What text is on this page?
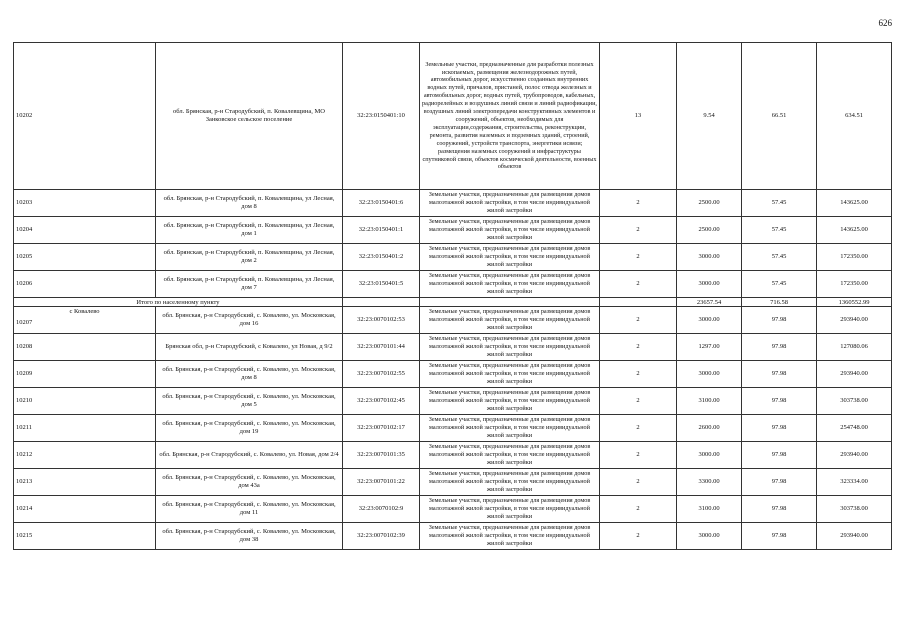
626
10202	обл. Брянская, р-н Стародубский, п. Ковалевщина, МО Занковское сельское поселение	32:23:0150401:10	Земельные участки, предназначенные для разработки полезных ископаемых, размещения железнодорожных путей, автомобильных дорог, искусственно созданных внутренних водных путей, причалов, пристаней, полос отвода железных и автомобильных дорог, водных путей, трубопроводов, кабельных, радиорелейных и воздушных линий связи и линий радиофикации, воздушных линий электропередачи конструктивных элементов и сооружений, объектов, необходимых для эксплуатации,содержания, строительства, реконструкции, ремонта, развития наземных и подземных зданий, строений, сооружений, устройств транспорта, энергетики исвязи; размещения наземных сооружений и инфраструктуры спутниковой связи, объектов космической деятельности, военных объектов	13	9.54	66.51	634.51
10203	обл. Брянская, р-н Стародубский, п. Ковалевщина, ул Лесная, дом 8	32:23:0150401:6	Земельные участки, предназначенные для размещения домов малоэтажной жилой застройки, в том числе индивидуальной жилой застройки	2	2500.00	57.45	143625.00
10204	обл. Брянская, р-н Стародубский, п. Ковалевщина, ул Лесная, дом 1	32:23:0150401:1	Земельные участки, предназначенные для размещения домов малоэтажной жилой застройки, в том числе индивидуальной жилой застройки	2	2500.00	57.45	143625.00
10205	обл. Брянская, р-н Стародубский, п. Ковалевщина, ул Лесная, дом 2	32:23:0150401:2	Земельные участки, предназначенные для размещения домов малоэтажной жилой застройки, в том числе индивидуальной жилой застройки	2	3000.00	57.45	172350.00
10206	обл. Брянская, р-н Стародубский, п. Ковалевщина, ул Лесная, дом 7	32:23:0150401:5	Земельные участки, предназначенные для размещения домов малоэтажной жилой застройки, в том числе индивидуальной жилой застройки	2	3000.00	57.45	172350.00
Итого по населенному пункту					23657.54	716.58	1360552.99

с Ковалево
10207	обл. Брянская, р-н Стародубский, с. Ковалево, ул. Московская, дом 16	32:23:0070102:53	Земельные участки, предназначенные для размещения домов малоэтажной жилой застройки, в том числе индивидуальной жилой застройки	2	3000.00	97.98	293940.00
10208	Брянская обл, р-н Стародубский, с Ковалево, ул Новая, д 9/2	32:23:0070101:44	Земельные участки, предназначенные для размещения домов малоэтажной жилой застройки, в том числе индивидуальной жилой застройки	2	1297.00	97.98	127080.06
10209	обл. Брянская, р-н Стародубский, с. Ковалево, ул. Московская, дом 8	32:23:0070102:55	Земельные участки, предназначенные для размещения домов малоэтажной жилой застройки, в том числе индивидуальной жилой застройки	2	3000.00	97.98	293940.00
10210	обл. Брянская, р-н Стародубский, с. Ковалево, ул. Московская, дом 5	32:23:0070102:45	Земельные участки, предназначенные для размещения домов малоэтажной жилой застройки, в том числе индивидуальной жилой застройки	2	3100.00	97.98	303738.00
10211	обл. Брянская, р-н Стародубский, с. Ковалево, ул. Московская, дом 19	32:23:0070102:17	Земельные участки, предназначенные для размещения домов малоэтажной жилой застройки, в том числе индивидуальной жилой застройки	2	2600.00	97.98	254748.00
10212	обл. Брянская, р-н Стародубский, с. Ковалево, ул. Новая, дом 2/4	32:23:0070101:35	Земельные участки, предназначенные для размещения домов малоэтажной жилой застройки, в том числе индивидуальной жилой застройки	2	3000.00	97.98	293940.00
10213	обл. Брянская, р-н Стародубский, с. Ковалево, ул. Московская, дом 43а	32:23:0070101:22	Земельные участки, предназначенные для размещения домов малоэтажной жилой застройки, в том числе индивидуальной жилой застройки	2	3300.00	97.98	323334.00
10214	обл. Брянская, р-н Стародубский, с. Ковалево, ул. Московская, дом 11	32:23:0070102:9	Земельные участки, предназначенные для размещения домов малоэтажной жилой застройки, в том числе индивидуальной жилой застройки	2	3100.00	97.98	303738.00
10215	обл. Брянская, р-н Стародубский, с. Ковалево, ул. Московская, дом 38	32:23:0070102:39	Земельные участки, предназначенные для размещения домов малоэтажной жилой застройки, в том числе индивидуальной жилой застройки	2	3000.00	97.98	293940.00
